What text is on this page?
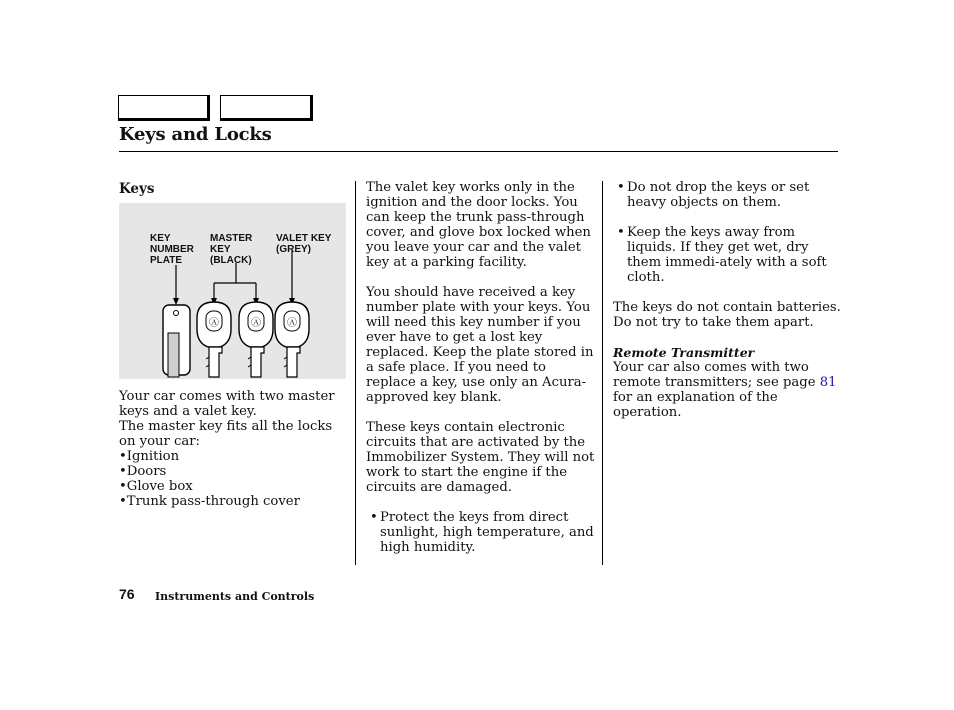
Keys and Locks
Keys
KEY
NUMBER
PLATE
MASTER
KEY
(BLACK)
VALET KEY
(GREY)
Ⓐ	Ⓐ	Ⓐ

Your car comes with two master keys and a valet key.

The master key fits all the locks on your car:

• Ignition
• Doors
• Glove box
• Trunk pass-through cover

The valet key works only in the ignition and the door locks. You can keep the trunk pass-through cover, and glove box locked when you leave your car and the valet key at a parking facility.

You should have received a key number plate with your keys. You will need this key number if you ever have to get a lost key replaced. Keep the plate stored in a safe place. If you need to replace a key, use only an Acura-approved key blank.

These keys contain electronic circuits that are activated by the Immobilizer System. They will not work to start the engine if the circuits are damaged.

• Protect the keys from direct sunlight, high temperature, and high humidity.

• Do not drop the keys or set heavy objects on them.

• Keep the keys away from liquids. If they get wet, dry them immedi-ately with a soft cloth.

The keys do not contain batteries. Do not try to take them apart.

Remote Transmitter

Your car also comes with two remote transmitters; see page 81 for an explanation of the operation.

76 Instruments and Controls
